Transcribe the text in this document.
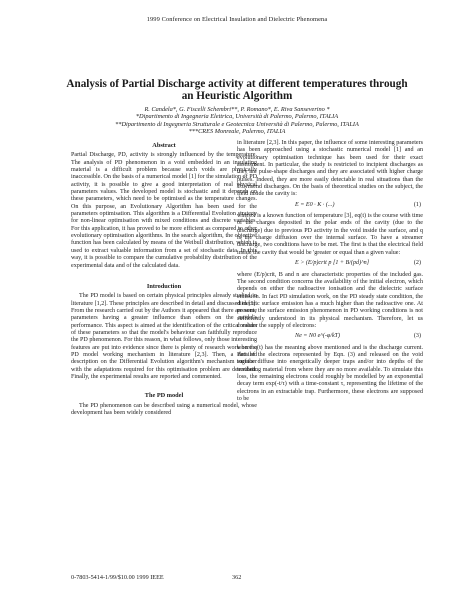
1999 Conference on Electrical Insulation and Dielectric Phenomena
Analysis of Partial Discharge activity at different temperatures through an Heuristic Algorithm
R. Candela*, G. Fiscelli Schembri**, P. Romano*, E. Riva Sanseverino *
*Dipartimento di Ingegneria Elettrica, Università di Palermo, Palermo, ITALIA
**Dipartimento di Ingegneria Strutturale e Geotecnica Università di Palermo, Palermo, ITALIA
***CRES Monreale, Palermo, ITALIA
Abstract

Partial Discharge, PD, activity is strongly influenced by the temperature. The analysis of PD phenomenon in a void embedded in an insulating material is a difficult problem because such voids are physically inaccessible. On the basis of a numerical model [1] for the simulation of PD activity, it is possible to give a good interpretation of real physical parameters values. The developed model is stochastic and it depends on these parameters, which need to be optimised as the temperature changes. On this purpose, an Evolutionary Algorithm has been used for the parameters optimisation. This algorithm is a Differential Evolution strategy for non-linear optimisation with mixed conditions and discrete variables. For this application, it has proved to be more efficient as compared to other evolutionary optimisation algorithms. In the search algorithm, the objective function has been calculated by means of the Weibull distribution, which is used to extract valuable information from a set of stochastic data. In this way, it is possible to compare the cumulative probability distribution of the experimental data and of the calculated data.

Introduction

The PD model is based on certain physical principles already studied in literature [1,2]. These principles are described in detail and discussed in [1]. From the research carried out by the Authors it appeared that there are some parameters having a greater influence than others on the model's performance. This aspect is aimed at the identification of the critical values of these parameters so that the model's behaviour can faithfully reproduce the PD phenomenon. For this reason, in what follows, only those interesting features are put into evidence since there is plenty of research work on the PD model working mechanism in literature [2,3]. Then, a detailed description on the Differential Evolution algorithm's mechanism together with the adaptations required for this optimisation problem are described. Finally, the experimental results are reported and commented.

The PD model

The PD phenomenon can be described using a numerical model, whose development has been widely considered

in literature [2,3]. In this paper, the influence of some interesting parameters has been approached using a stochastic numerical model [1] and an evolutionary optimisation technique has been used for their exact assessment. In particular, the study is restricted to incipient discharges as they are pulse-shape discharges and they are associated with higher charge pulses. Indeed, they are more easily detectable in real situations than the Townsend discharges. On the basis of theoretical studies on the subject, the field inside the cavity is:

E = E0 · K · (...)	(1)

where f is a known function of temperature [3], eq(t) is the course with time of the charges deposited in the polar ends of the cavity (due to the discharge) due to previous PD activity in the void inside the surface, and q is the charge diffusion over the internal surface. To have a streamer discharge, two conditions have to be met. The first is that the electrical field inside the cavity that would be 'greater or equal than a given value:

E > (E/p)crit p [1 + B/(pd)^n]	(2)

where (E/p)crit, B and n are characteristic properties of the included gas. The second condition concerns the availability of the initial electron, which depends on either the radioactive ionisation and the dielectric surface emission. In fact PD simulation work, on the PD steady state condition, the dielectric surface emission has a much higher than the radioactive one. At present, the surface emission phenomenon in PD working conditions is not sufficiently understood in its physical mechanism. Therefore, let us consider the supply of electrons:

Ne = N0 e^(-φ/kT)	(3)

where q(t) has the meaning above mentioned and is the discharge current. Part of the electrons represented by Eqn. (3) and released on the void surface diffuse into energetically deeper traps and/or into depths of the insulating material from where they are no more available. To simulate this loss, the remaining electrons could roughly be modelled by an exponential decay term exp(-t/τ) with a time-constant τ, representing the lifetime of the electrons in an extractable trap. Furthermore, these electrons are supposed to be

0-7803-5414-1/99/$10.00 1999 IEEE	362
